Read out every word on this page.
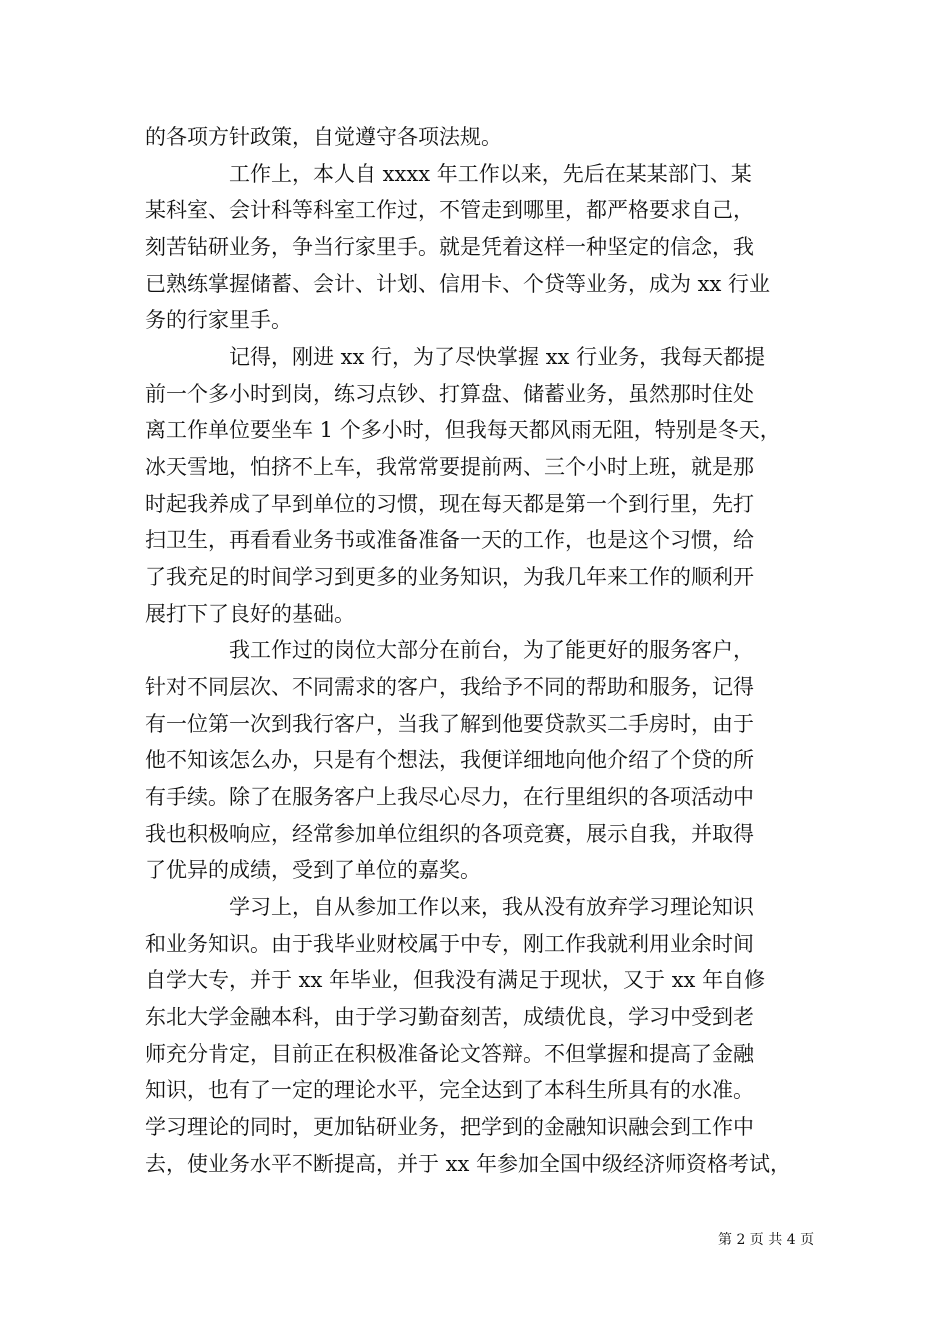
的各项方针政策，自觉遵守各项法规。
　　　　工作上，本人自 xxxx 年工作以来，先后在某某部门、某
某科室、会计科等科室工作过，不管走到哪里，都严格要求自己，
刻苦钻研业务，争当行家里手。就是凭着这样一种坚定的信念，我
已熟练掌握储蓄、会计、计划、信用卡、个贷等业务，成为 xx 行业
务的行家里手。
　　　　记得，刚进 xx 行，为了尽快掌握 xx 行业务，我每天都提
前一个多小时到岗，练习点钞、打算盘、储蓄业务，虽然那时住处
离工作单位要坐车 1 个多小时，但我每天都风雨无阻，特别是冬天，
冰天雪地，怕挤不上车，我常常要提前两、三个小时上班，就是那
时起我养成了早到单位的习惯，现在每天都是第一个到行里，先打
扫卫生，再看看业务书或准备准备一天的工作，也是这个习惯，给
了我充足的时间学习到更多的业务知识，为我几年来工作的顺利开
展打下了良好的基础。
　　　　我工作过的岗位大部分在前台，为了能更好的服务客户，
针对不同层次、不同需求的客户，我给予不同的帮助和服务，记得
有一位第一次到我行客户，当我了解到他要贷款买二手房时，由于
他不知该怎么办，只是有个想法，我便详细地向他介绍了个贷的所
有手续。除了在服务客户上我尽心尽力，在行里组织的各项活动中
我也积极响应，经常参加单位组织的各项竞赛，展示自我，并取得
了优异的成绩，受到了单位的嘉奖。
　　　　学习上，自从参加工作以来，我从没有放弃学习理论知识
和业务知识。由于我毕业财校属于中专，刚工作我就利用业余时间
自学大专，并于 xx 年毕业，但我没有满足于现状，又于 xx 年自修
东北大学金融本科，由于学习勤奋刻苦，成绩优良，学习中受到老
师充分肯定，目前正在积极准备论文答辩。不但掌握和提高了金融
知识，也有了一定的理论水平，完全达到了本科生所具有的水准。
学习理论的同时，更加钻研业务，把学到的金融知识融会到工作中
去，使业务水平不断提高，并于 xx 年参加全国中级经济师资格考试，
第 2 页 共 4 页
